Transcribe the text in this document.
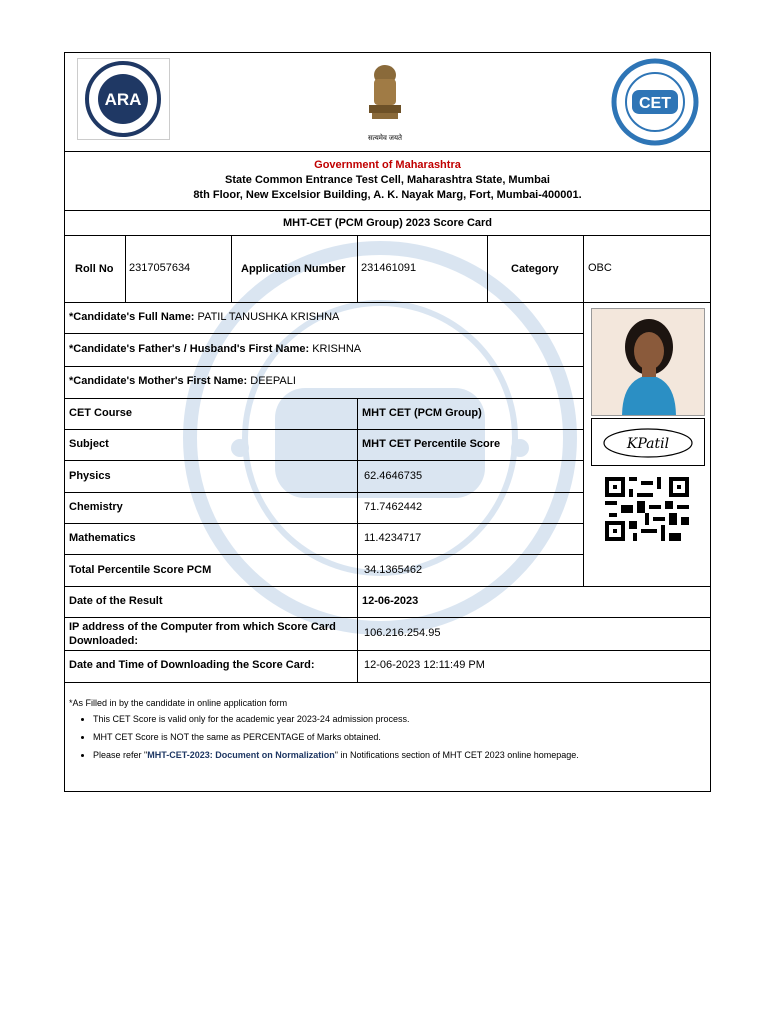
ARA
सत्यमेव जयते
CET
Government of Maharashtra
State Common Entrance Test Cell, Maharashtra State, Mumbai
8th Floor, New Excelsior Building, A. K. Nayak Marg, Fort, Mumbai-400001.
MHT-CET (PCM Group) 2023 Score Card
Roll No 2317057634	Application Number 231461091	Category	OBC
*Candidate's Full Name: PATIL TANUSHKA KRISHNA
*Candidate's Father's / Husband's First Name: KRISHNA
*Candidate's Mother's First Name: DEEPALI
KPatil
CET Course	MHT CET (PCM Group)
Subject	MHT CET Percentile Score
Physics	62.4646735
Chemistry	71.7462442
Mathematics	11.4234717
Total Percentile Score PCM	34.1365462
Date of the Result	12-06-2023
IP address of the Computer from which Score Card Downloaded:
106.216.254.95
Date and Time of Downloading the Score Card:	12-06-2023 12:11:49 PM
*As Filled in by the candidate in online application form
• This CET Score is valid only for the academic year 2023-24 admission process.
• MHT CET Score is NOT the same as PERCENTAGE of Marks obtained.
• Please refer "MHT-CET-2023: Document on Normalization" in Notifications section of MHT CET 2023 online homepage.
